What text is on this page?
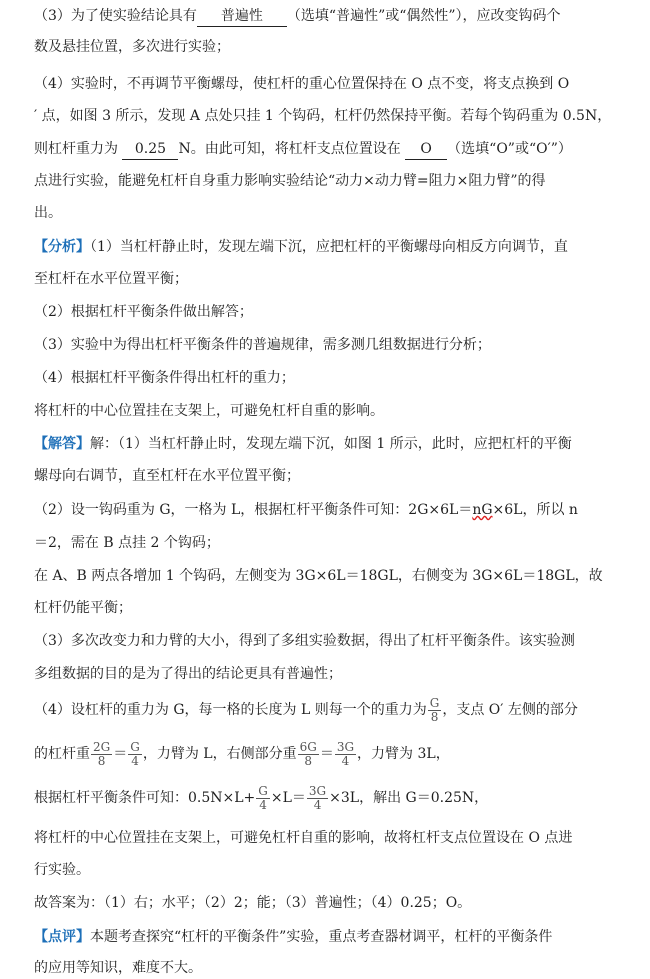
（3）为了使实验结论具有 普遍性 （选填“普遍性”或“偶然性”），应改变钩码个
数及悬挂位置，多次进行实验；
（4）实验时，不再调节平衡螺母，使杠杆的重心位置保持在 O 点不变，将支点换到 O
′ 点，如图 3 所示，发现 A 点处只挂 1 个钩码，杠杆仍然保持平衡。若每个钩码重为 0.5N，
则杠杆重力为 0.25 N。由此可知，将杠杆支点位置设在 O （选填“O”或“O′”）
点进行实验，能避免杠杆自身重力影响实验结论“动力×动力臂=阻力×阻力臂”的得
出。
【分析】（1）当杠杆静止时，发现左端下沉，应把杠杆的平衡螺母向相反方向调节，直
至杠杆在水平位置平衡；
（2）根据杠杆平衡条件做出解答；
（3）实验中为得出杠杆平衡条件的普遍规律，需多测几组数据进行分析；
（4）根据杠杆平衡条件得出杠杆的重力；
将杠杆的中心位置挂在支架上，可避免杠杆自重的影响。
【解答】解：（1）当杠杆静止时，发现左端下沉，如图 1 所示，此时，应把杠杆的平衡
螺母向右调节，直至杠杆在水平位置平衡；
（2）设一钩码重为 G，一格为 L，根据杠杆平衡条件可知：2G×6L＝nG×6L，所以 n
＝2，需在 B 点挂 2 个钩码；
在 A、B 两点各增加 1 个钩码，左侧变为 3G×6L＝18GL，右侧变为 3G×6L＝18GL，故
杠杆仍能平衡；
（3）多次改变力和力臂的大小，得到了多组实验数据，得出了杠杆平衡条件。该实验测
多组数据的目的是为了得出的结论更具有普遍性；
（4）设杠杆的重力为 G，每一格的长度为 L 则每一个的重力为 $\frac{G}{8}$ ，支点 O′ 左侧的部分
的杠杆重 $\frac{2G}{8} = \frac{G}{4}$ ，力臂为 L，右侧部分重 $\frac{6G}{8} = \frac{3G}{4}$ ，力臂为 3L，
根据杠杆平衡条件可知：$0.5N\times L+ \frac{G}{4} \times L= \frac{3G}{4} \times 3L$，解出 G＝0.25N，
将杠杆的中心位置挂在支架上，可避免杠杆自重的影响，故将杠杆支点位置设在 O 点进
行实验。
故答案为：（1）右；水平；（2）2；能；（3）普遍性；（4）0.25；O。
【点评】本题考查探究“杠杆的平衡条件”实验，重点考查器材调平，杠杆的平衡条件
的应用等知识，难度不大。
